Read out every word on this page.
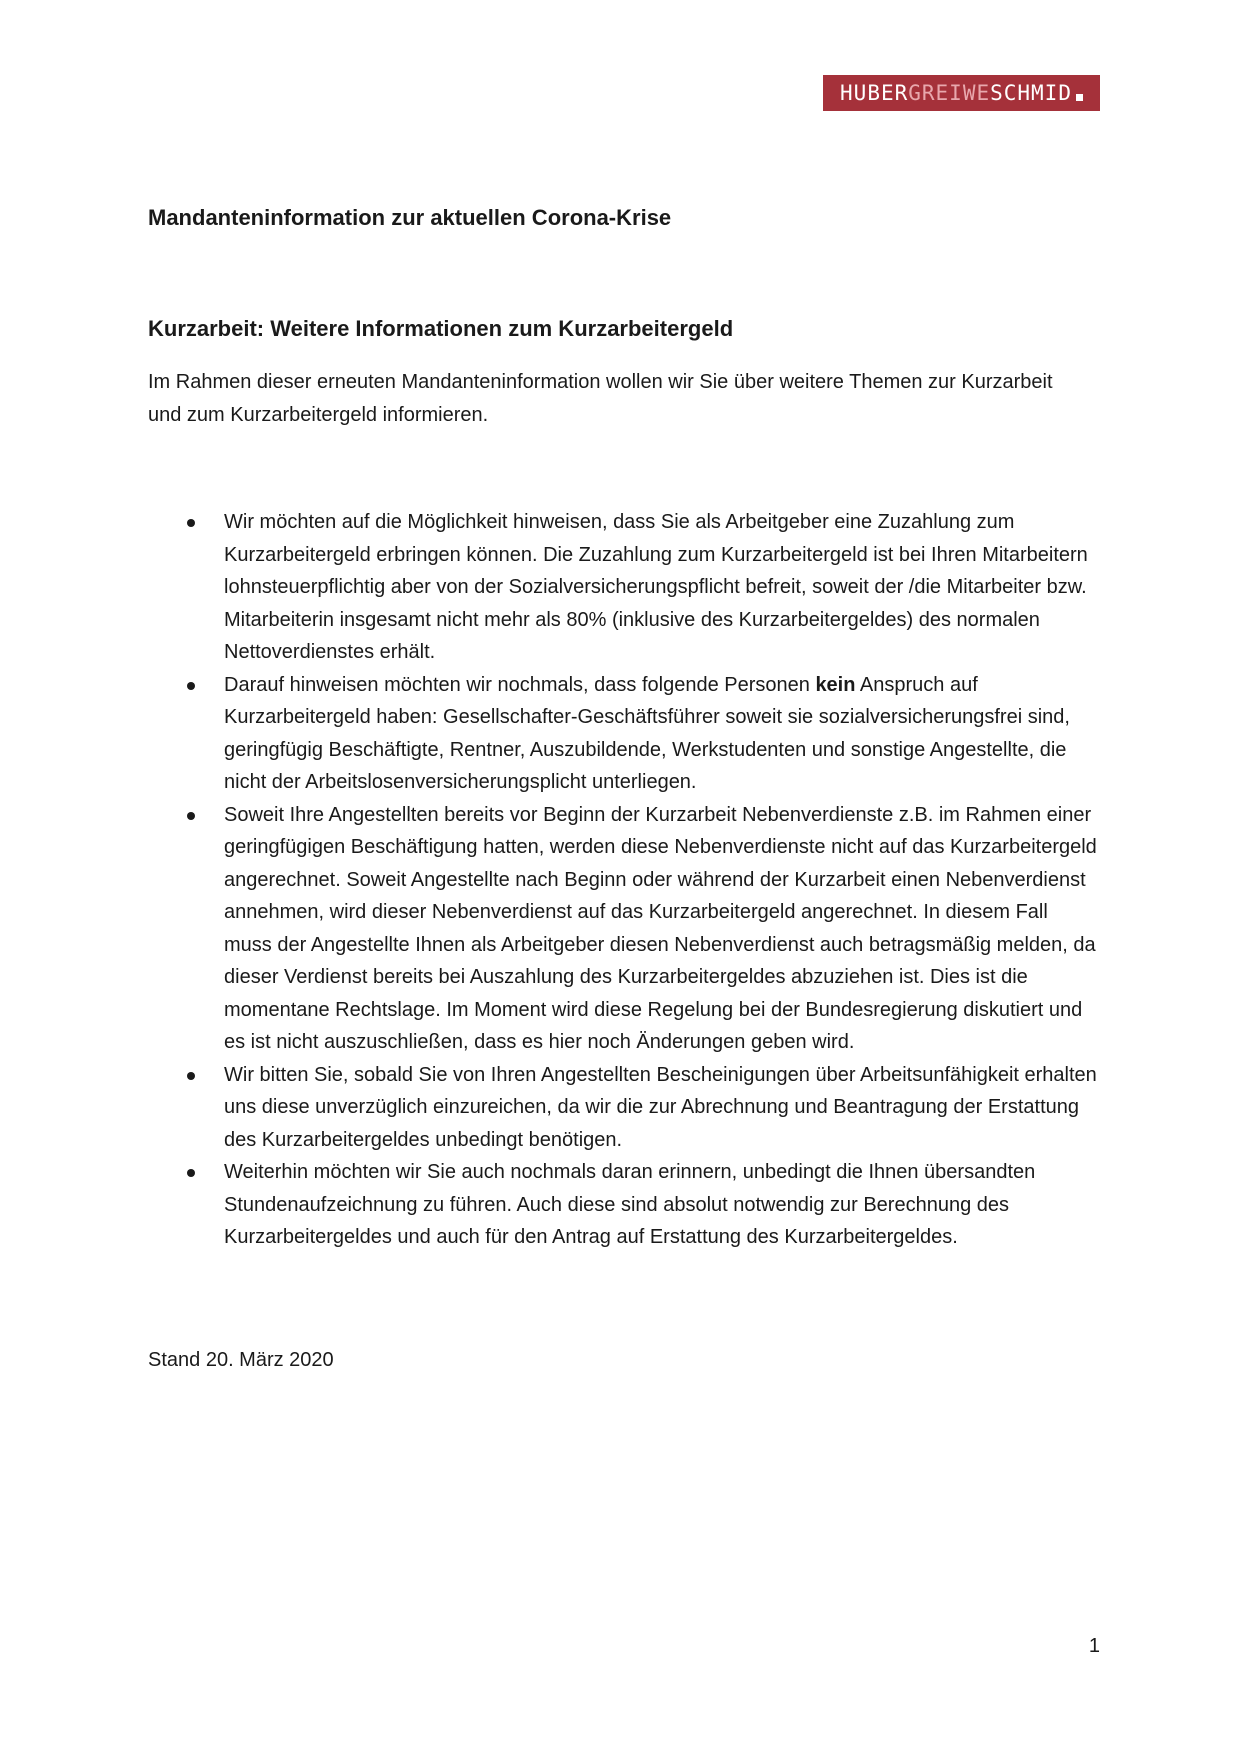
HUBER GREIWE SCHMID
Mandanteninformation zur aktuellen Corona-Krise
Kurzarbeit: Weitere Informationen zum Kurzarbeitergeld

Im Rahmen dieser erneuten Mandanteninformation wollen wir Sie über weitere Themen zur Kurzarbeit und zum Kurzarbeitergeld informieren.

Wir möchten auf die Möglichkeit hinweisen, dass Sie als Arbeitgeber eine Zuzahlung zum Kurzarbeitergeld erbringen können. Die Zuzahlung zum Kurzarbeitergeld ist bei Ihren Mitarbeitern lohnsteuerpflichtig aber von der Sozialversicherungspflicht befreit, soweit der /die Mitarbeiter bzw. Mitarbeiterin insgesamt nicht mehr als 80% (inklusive des Kurzarbeitergeldes) des normalen Nettoverdienstes erhält.
Darauf hinweisen möchten wir nochmals, dass folgende Personen kein Anspruch auf Kurzarbeitergeld haben: Gesellschafter-Geschäftsführer soweit sie sozialversicherungsfrei sind, geringfügig Beschäftigte, Rentner, Auszubildende, Werkstudenten und sonstige Angestellte, die nicht der Arbeitslosenversicherungsplicht unterliegen.
Soweit Ihre Angestellten bereits vor Beginn der Kurzarbeit Nebenverdienste z.B. im Rahmen einer geringfügigen Beschäftigung hatten, werden diese Nebenverdienste nicht auf das Kurzarbeitergeld angerechnet. Soweit Angestellte nach Beginn oder während der Kurzarbeit einen Nebenverdienst annehmen, wird dieser Nebenverdienst auf das Kurzarbeitergeld angerechnet. In diesem Fall muss der Angestellte Ihnen als Arbeitgeber diesen Nebenverdienst auch betragsmäßig melden, da dieser Verdienst bereits bei Auszahlung des Kurzarbeitergeldes abzuziehen ist. Dies ist die momentane Rechtslage. Im Moment wird diese Regelung bei der Bundesregierung diskutiert und es ist nicht auszuschließen, dass es hier noch Änderungen geben wird.
Wir bitten Sie, sobald Sie von Ihren Angestellten Bescheinigungen über Arbeitsunfähigkeit erhalten uns diese unverzüglich einzureichen, da wir die zur Abrechnung und Beantragung der Erstattung des Kurzarbeitergeldes unbedingt benötigen.
Weiterhin möchten wir Sie auch nochmals daran erinnern, unbedingt die Ihnen übersandten Stundenaufzeichnung zu führen. Auch diese sind absolut notwendig zur Berechnung des Kurzarbeitergeldes und auch für den Antrag auf Erstattung des Kurzarbeitergeldes.

Stand 20. März 2020

1
